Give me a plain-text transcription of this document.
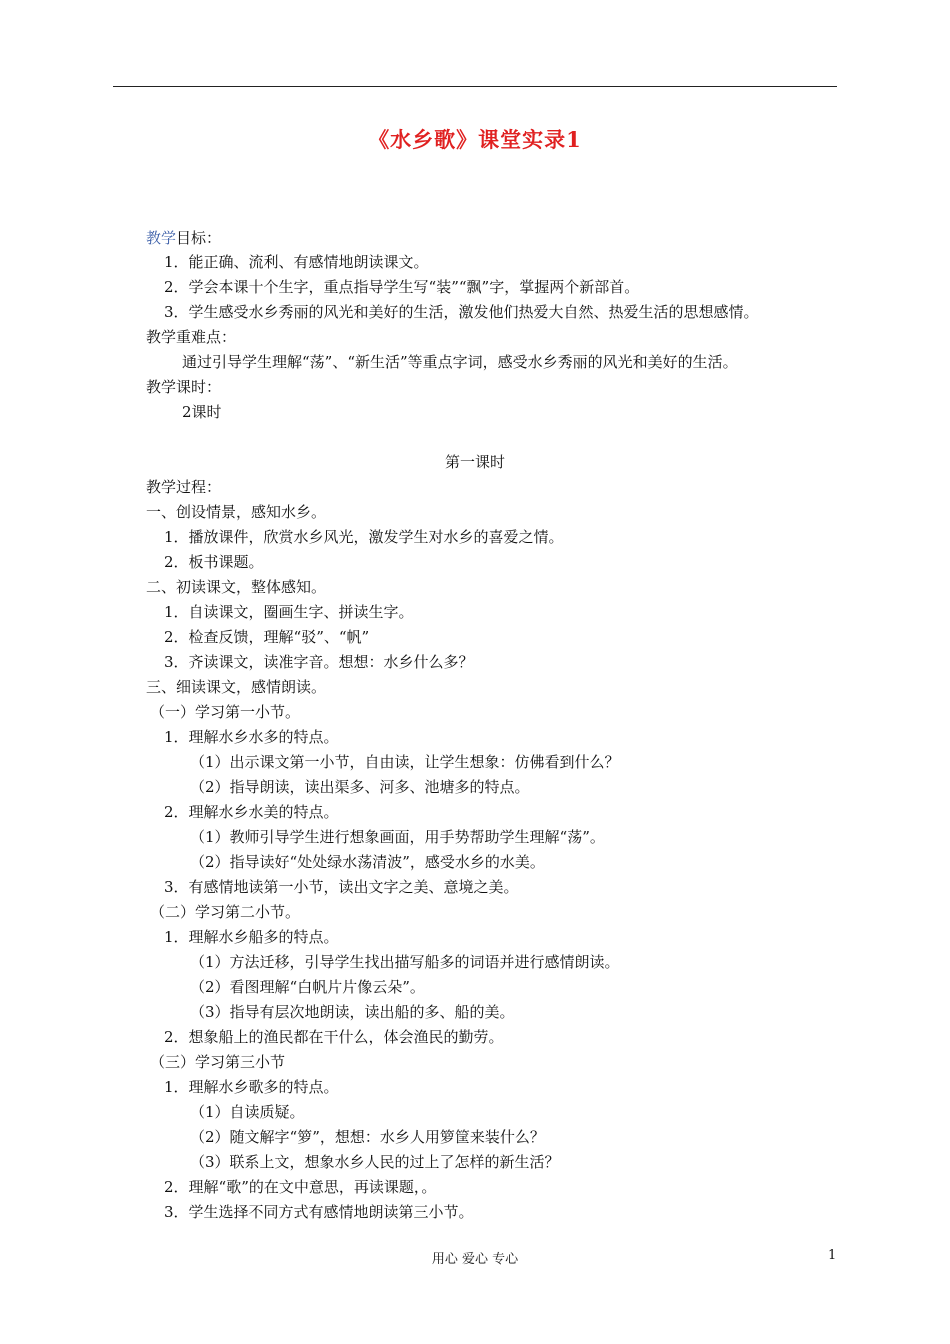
《水乡歌》课堂实录1
教学目标：
1．能正确、流利、有感情地朗读课文。
2．学会本课十个生字，重点指导学生写“装”“飘”字，掌握两个新部首。
3．学生感受水乡秀丽的风光和美好的生活，激发他们热爱大自然、热爱生活的思想感情。
教学重难点：
通过引导学生理解“荡”、“新生活”等重点字词，感受水乡秀丽的风光和美好的生活。
教学课时：
2课时
第一课时
教学过程：
一、创设情景，感知水乡。
1．播放课件，欣赏水乡风光，激发学生对水乡的喜爱之情。
2．板书课题。
二、初读课文，整体感知。
1．自读课文，圈画生字、拼读生字。
2．检查反馈，理解“驳”、“帆”
3．齐读课文，读准字音。想想：水乡什么多？
三、细读课文，感情朗读。
（一）学习第一小节。
1．理解水乡水多的特点。
（1）出示课文第一小节，自由读，让学生想象：仿佛看到什么？
（2）指导朗读，读出渠多、河多、池塘多的特点。
2．理解水乡水美的特点。
（1）教师引导学生进行想象画面，用手势帮助学生理解“荡”。
（2）指导读好“处处绿水荡清波”，感受水乡的水美。
3．有感情地读第一小节，读出文字之美、意境之美。
（二）学习第二小节。
1．理解水乡船多的特点。
（1）方法迁移，引导学生找出描写船多的词语并进行感情朗读。
（2）看图理解“白帆片片像云朵”。
（3）指导有层次地朗读，读出船的多、船的美。
2．想象船上的渔民都在干什么，体会渔民的勤劳。
（三）学习第三小节
1．理解水乡歌多的特点。
（1）自读质疑。
（2）随文解字“箩”，想想：水乡人用箩筐来装什么？
（3）联系上文，想象水乡人民的过上了怎样的新生活？
2．理解“歌”的在文中意思，再读课题，。
3．学生选择不同方式有感情地朗读第三小节。
用心 爱心 专心	1
